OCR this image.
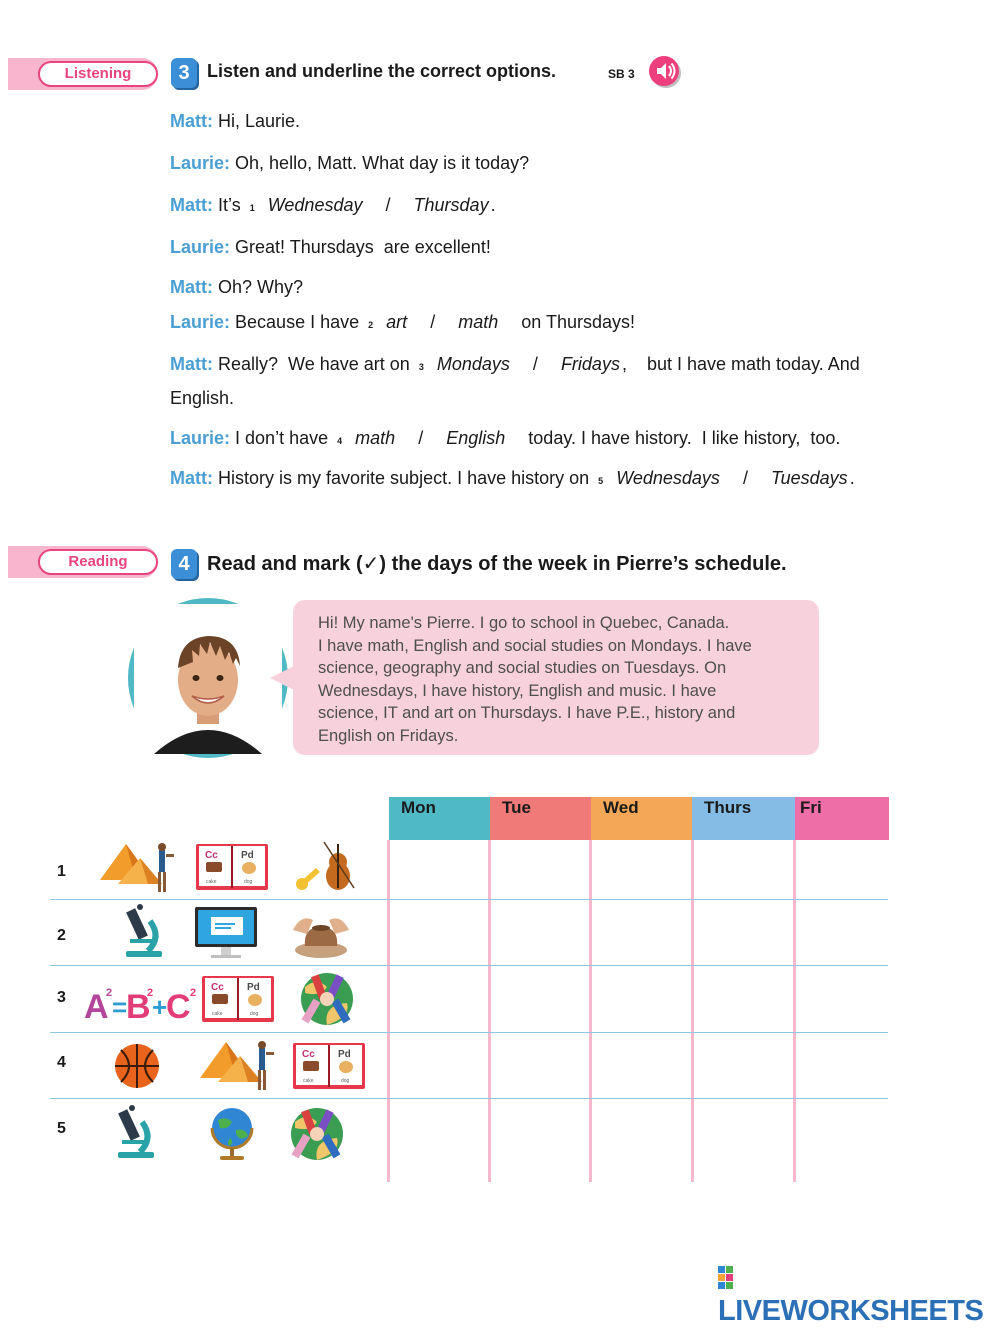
Listening	3 Listen and underline the correct options.	SB 3
Matt: Hi, Laurie.
Laurie: Oh, hello, Matt. What day is it today?
Matt: It’s 1 Wednesday / Thursday .
Laurie: Great! Thursdays  are excellent!
Matt: Oh? Why?
Laurie: Because I have 2 art / math on Thursdays!
Matt: Really?  We have art on 3 Mondays / Fridays ,    but I have math today. And
English.
Laurie: I don’t have 4 math / English today. I have history.  I like history,  too.
Matt: History is my favorite subject. I have history on 5 Wednesdays / Tuesdays .
Reading	4 Read and mark (✓) the days of the week in Pierre’s schedule.
Hi! My name's Pierre. I go to school in Quebec, Canada.
I have math, English and social studies on Mondays. I have
science, geography and social studies on Tuesdays. On
Wednesdays, I have history, English and music. I have
science, IT and art on Thursdays. I have P.E., history and
English on Fridays.
Mon	Tue	Wed	Thurs	Fri
1
2
3
4
5
LIVEWORKSHEETS
